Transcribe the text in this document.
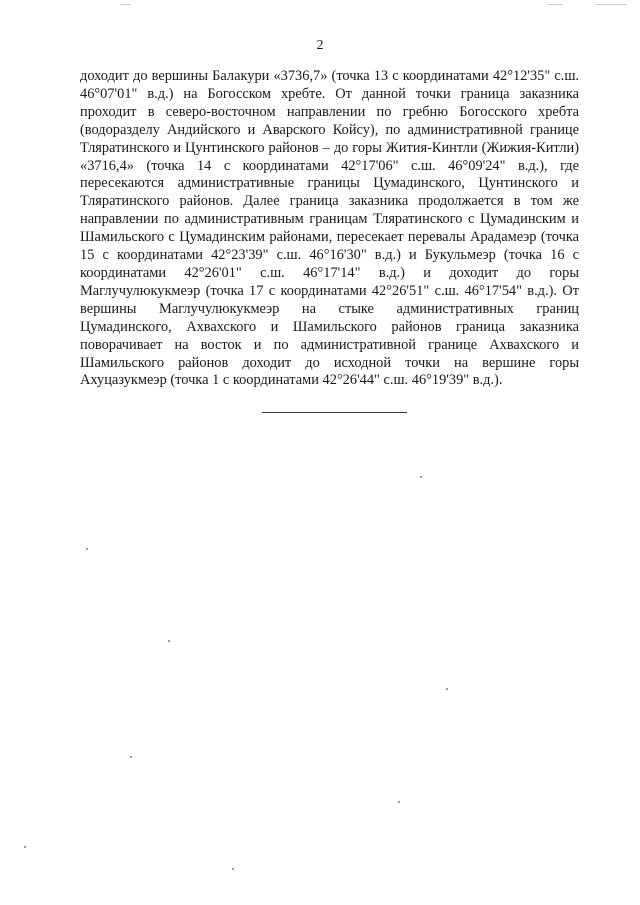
2

доходит до вершины Балакури «3736,7» (точка 13 с координатами 42°12'35" с.ш. 46°07'01" в.д.) на Богосском хребте. От данной точки граница заказника проходит в северо-восточном направлении по гребню Богосского хребта (водоразделу Андийского и Аварского Койсу), по административной границе Тляратинского и Цунтинского районов – до горы Жития-Кинтли (Жижия-Китли) «3716,4» (точка 14 с координатами 42°17'06" с.ш. 46°09'24" в.д.), где пересекаются административные границы Цумадинского, Цунтинского и Тляратинского районов. Далее граница заказника продолжается в том же направлении по административным границам Тляратинского с Цумадинским и Шамильского с Цумадинским районами, пересекает перевалы Арадамеэр (точка 15 с координатами 42°23'39" с.ш. 46°16'30" в.д.) и Букульмеэр (точка 16 с координатами 42°26'01" с.ш. 46°17'14" в.д.) и доходит до горы Маглучулюкукмеэр (точка 17 с координатами 42°26'51" с.ш. 46°17'54" в.д.). От вершины Маглучулюкукмеэр на стыке административных границ Цумадинского, Ахвахского и Шамильского районов граница заказника поворачивает на восток и по административной границе Ахвахского и Шамильского районов доходит до исходной точки на вершине горы Ахуцазукмеэр (точка 1 с координатами 42°26'44" с.ш. 46°19'39" в.д.).
